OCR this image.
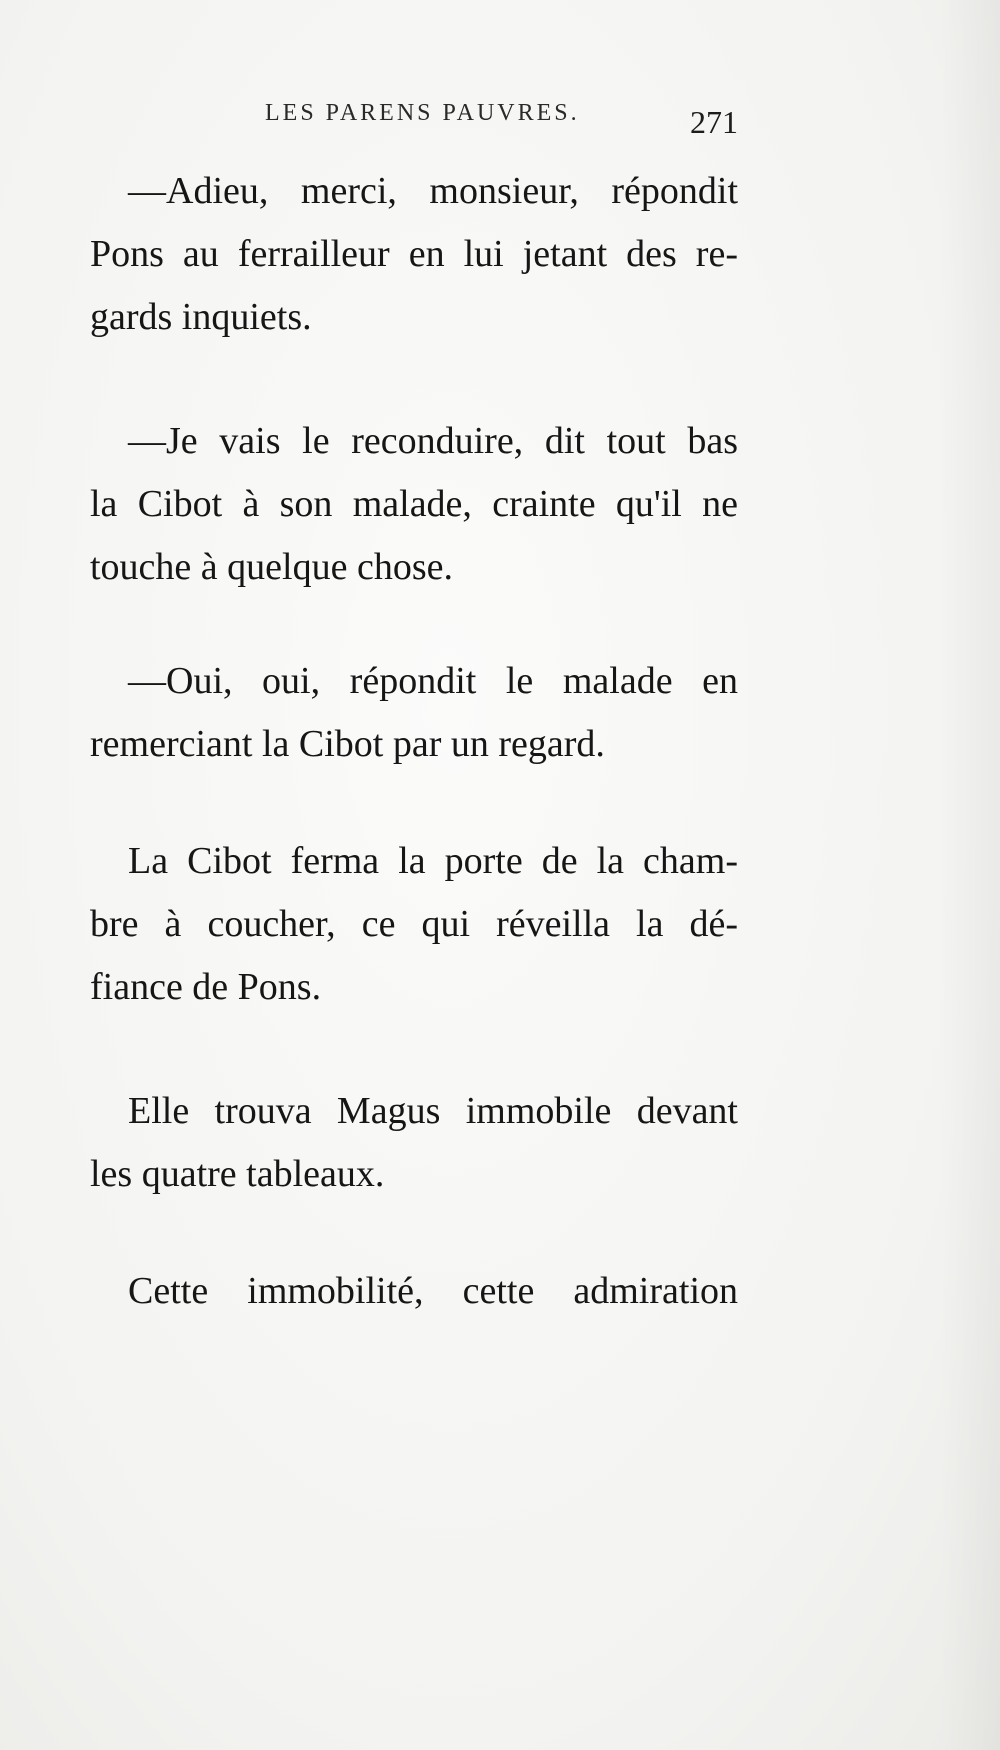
LES PARENS PAUVRES.	271

—Adieu, merci, monsieur, répondit
Pons au ferrailleur en lui jetant des re-
gards inquiets.

—Je vais le reconduire, dit tout bas
la Cibot à son malade, crainte qu'il ne
touche à quelque chose.

—Oui, oui, répondit le malade en
remerciant la Cibot par un regard.

La Cibot ferma la porte de la cham-
bre à coucher, ce qui réveilla la dé-
fiance de Pons.

Elle trouva Magus immobile devant
les quatre tableaux.

Cette immobilité, cette admiration
